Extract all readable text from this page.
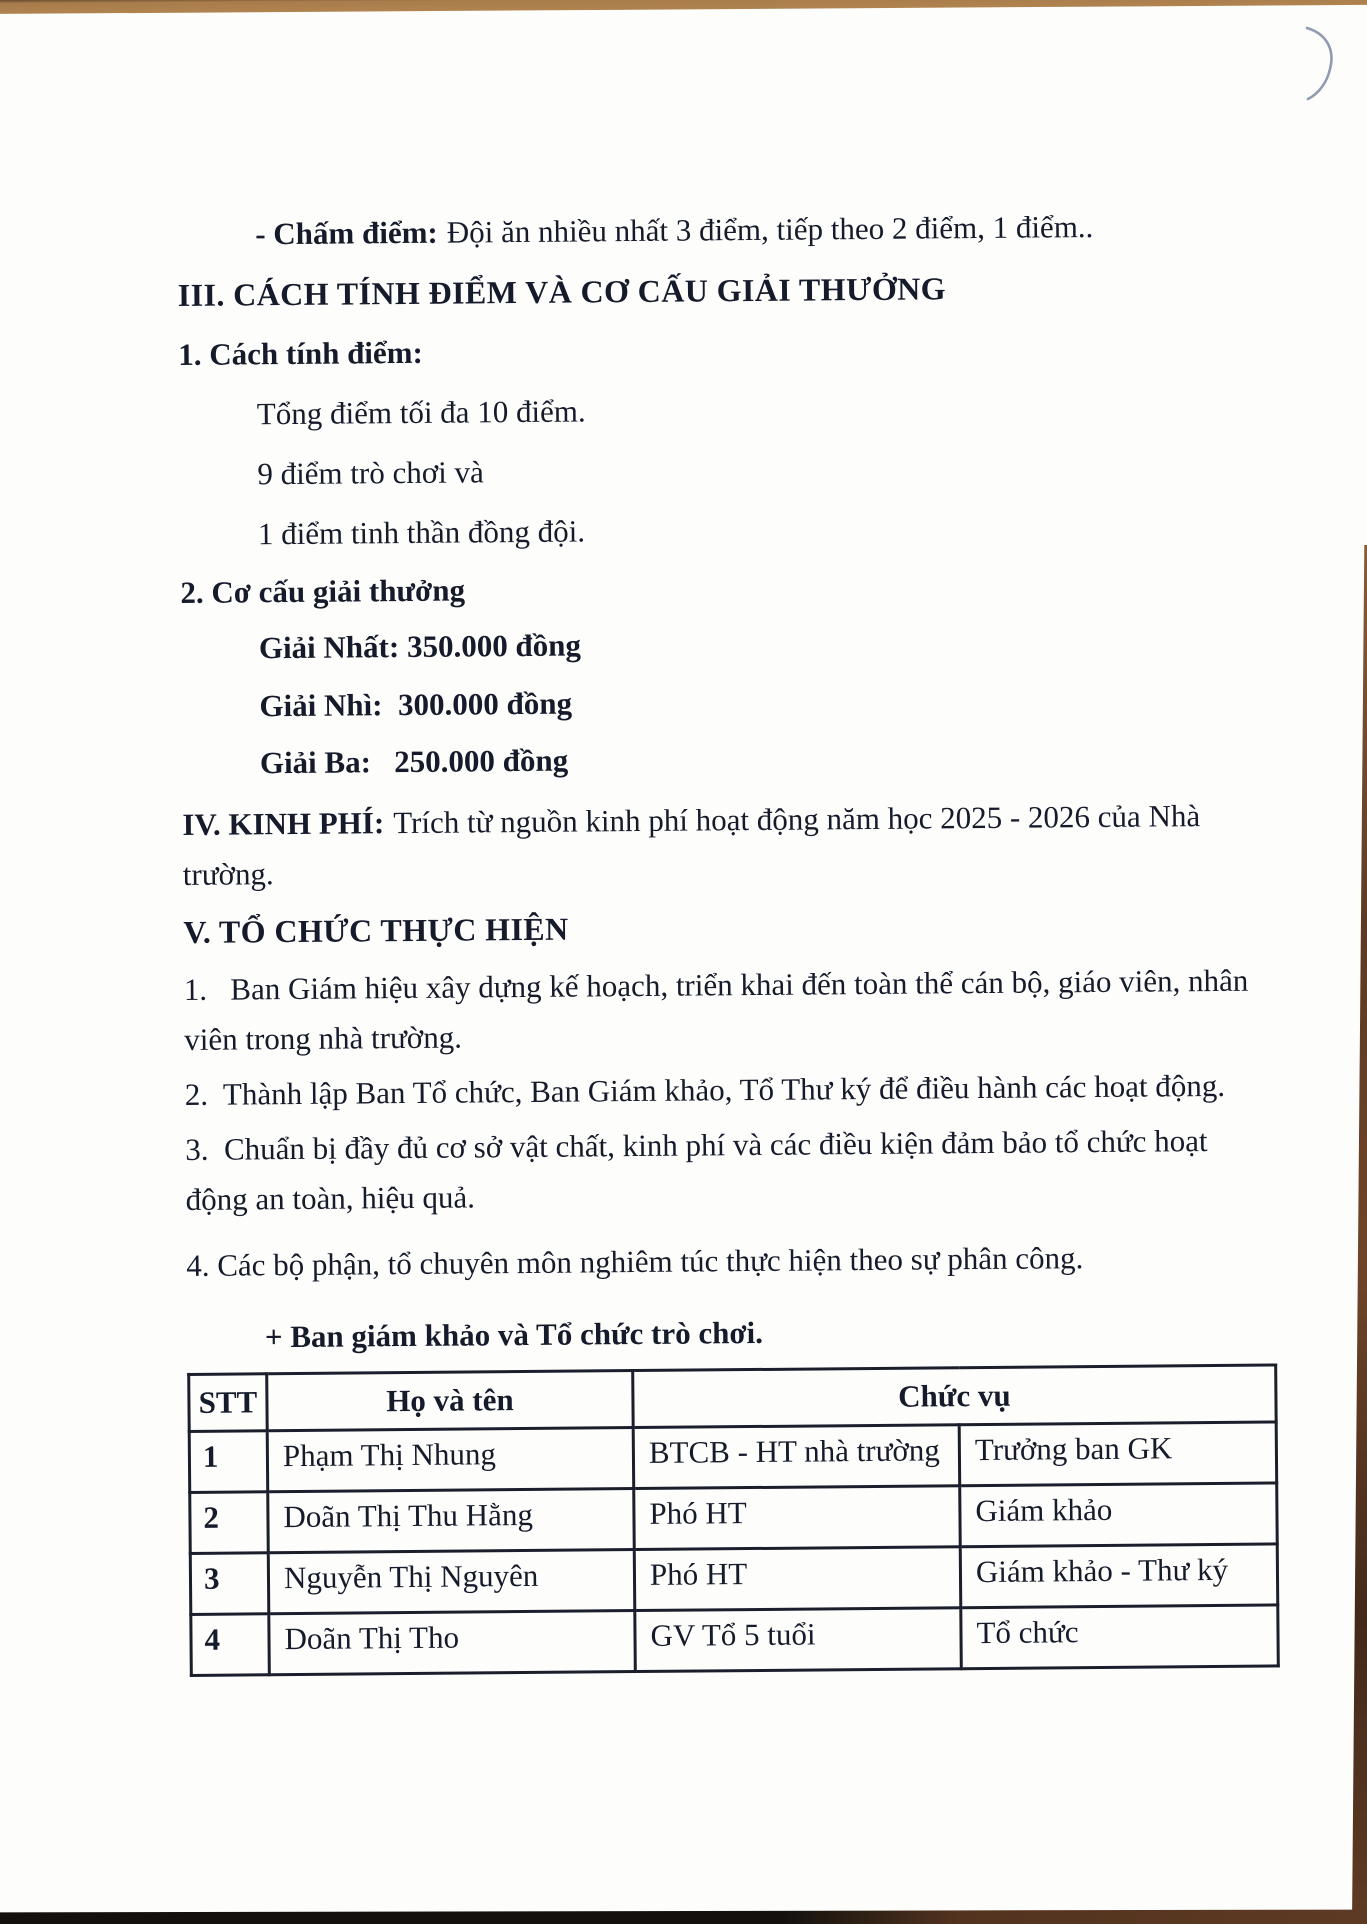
- Chấm điểm: Đội ăn nhiều nhất 3 điểm, tiếp theo 2 điểm, 1 điểm..
III. CÁCH TÍNH ĐIỂM VÀ CƠ CẤU GIẢI THƯỞNG
1. Cách tính điểm:
Tổng điểm tối đa 10 điểm.
9 điểm trò chơi và
1 điểm tinh thần đồng đội.
2. Cơ cấu giải thưởng
Giải Nhất: 350.000 đồng
Giải Nhì:  300.000 đồng
Giải Ba:   250.000 đồng

IV. KINH PHÍ: Trích từ nguồn kinh phí hoạt động năm học 2025 - 2026 của Nhà trường.

V. TỔ CHỨC THỰC HIỆN

1.   Ban Giám hiệu xây dựng kế hoạch, triển khai đến toàn thể cán bộ, giáo viên, nhân viên trong nhà trường.

2.  Thành lập Ban Tổ chức, Ban Giám khảo, Tổ Thư ký để điều hành các hoạt động.

3.  Chuẩn bị đầy đủ cơ sở vật chất, kinh phí và các điều kiện đảm bảo tổ chức hoạt động an toàn, hiệu quả.

4. Các bộ phận, tổ chuyên môn nghiêm túc thực hiện theo sự phân công.

+ Ban giám khảo và Tổ chức trò chơi.
STT	Họ và tên	Chức vụ	
1	Phạm Thị Nhung	BTCB - HT nhà trường	Trưởng ban GK
2	Doãn Thị Thu Hằng	Phó HT	Giám khảo
3	Nguyễn Thị Nguyên	Phó HT	Giám khảo - Thư ký
4	Doãn Thị Tho	GV Tổ 5 tuổi	Tổ chức
